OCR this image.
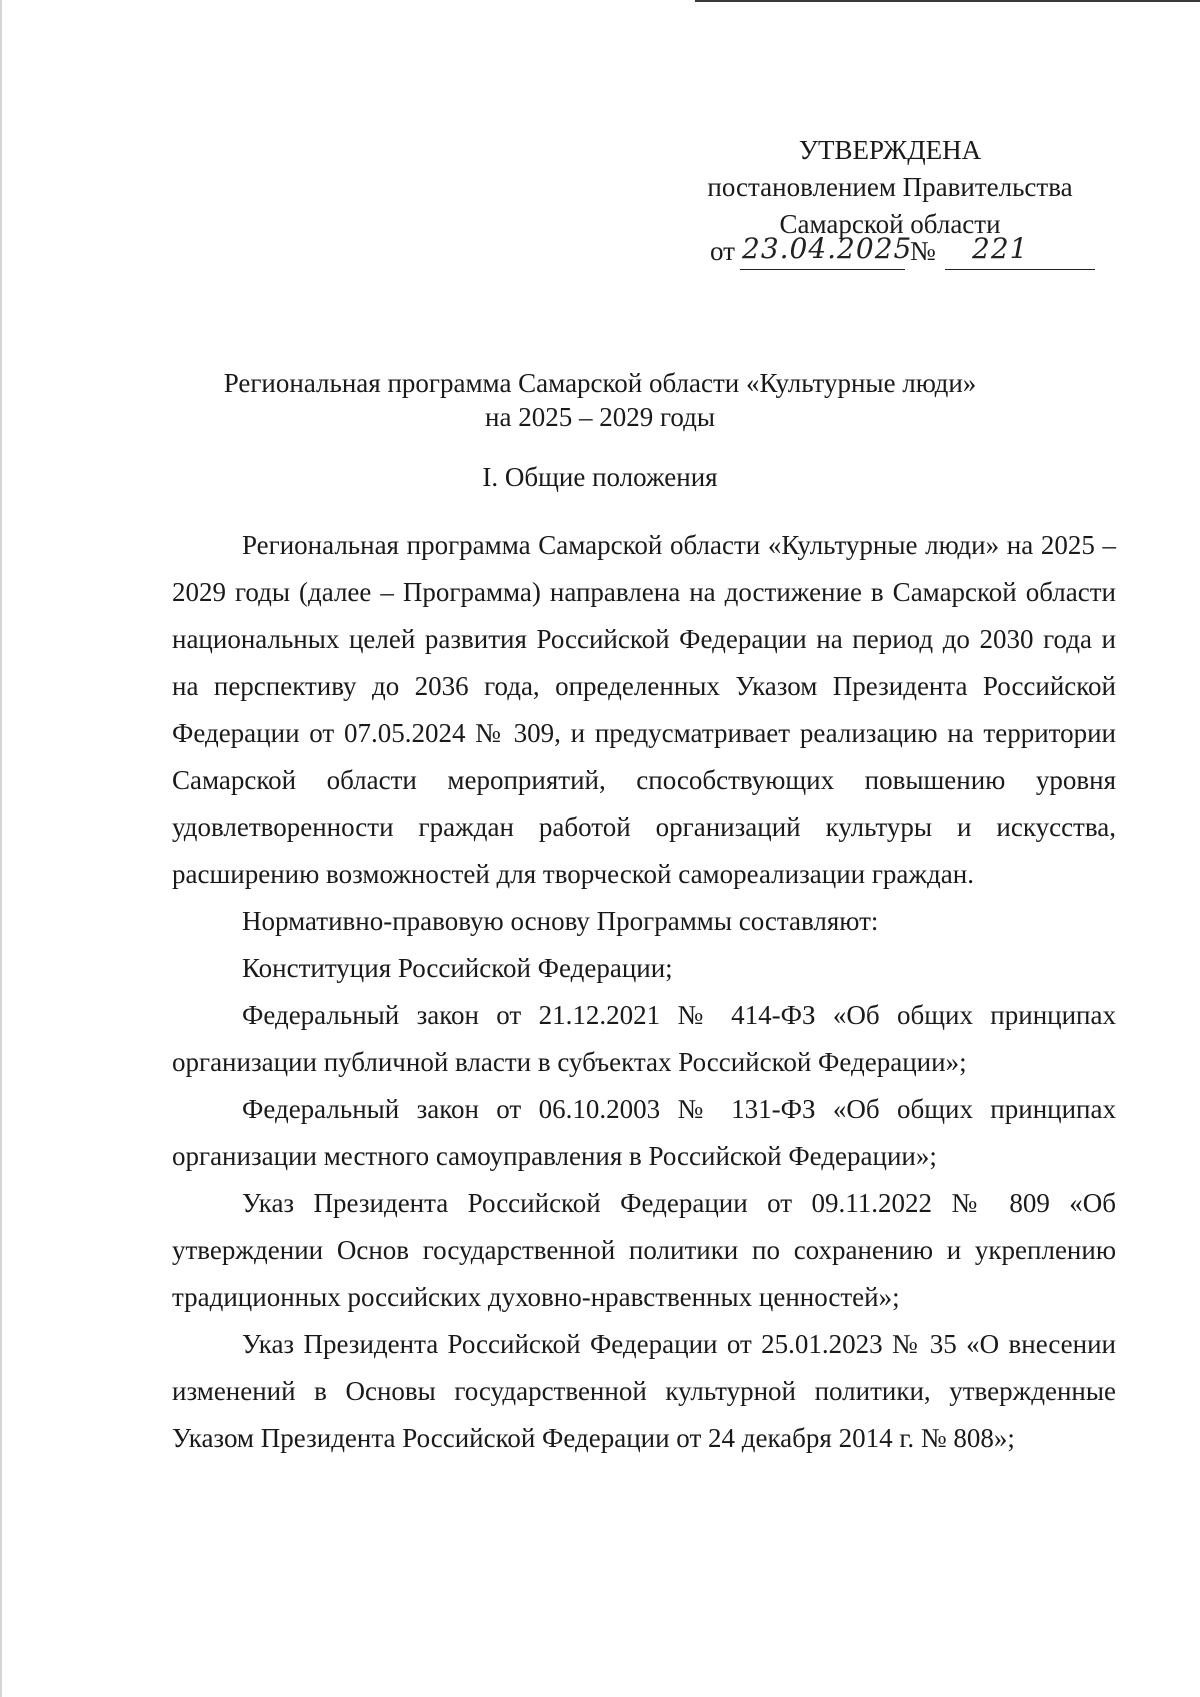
УТВЕРЖДЕНА
постановлением Правительства
Самарской области
от 23.04.2025
№ 221
Региональная программа Самарской области «Культурные люди»
на 2025 – 2029 годы
I. Общие положения

Региональная программа Самарской области «Культурные люди» на 2025 – 2029 годы (далее – Программа) направлена на достижение в Самарской области национальных целей развития Российской Федерации на период до 2030 года и на перспективу до 2036 года, определенных Указом Президента Российской Федерации от 07.05.2024 № 309, и предусматривает реализацию на территории Самарской области мероприятий, способствующих повышению уровня удовлетворенности граждан работой организаций культуры и искусства, расширению возможностей для творческой самореализации граждан.

Нормативно-правовую основу Программы составляют:

Конституция Российской Федерации;

Федеральный закон от 21.12.2021 № 414-ФЗ «Об общих принципах организации публичной власти в субъектах Российской Федерации»;

Федеральный закон от 06.10.2003 № 131-ФЗ «Об общих принципах организации местного самоуправления в Российской Федерации»;

Указ Президента Российской Федерации от 09.11.2022 № 809 «Об утверждении Основ государственной политики по сохранению и укреплению традиционных российских духовно-нравственных ценностей»;

Указ Президента Российской Федерации от 25.01.2023 № 35 «О внесении изменений в Основы государственной культурной политики, утвержденные Указом Президента Российской Федерации от 24 декабря 2014 г. № 808»;
